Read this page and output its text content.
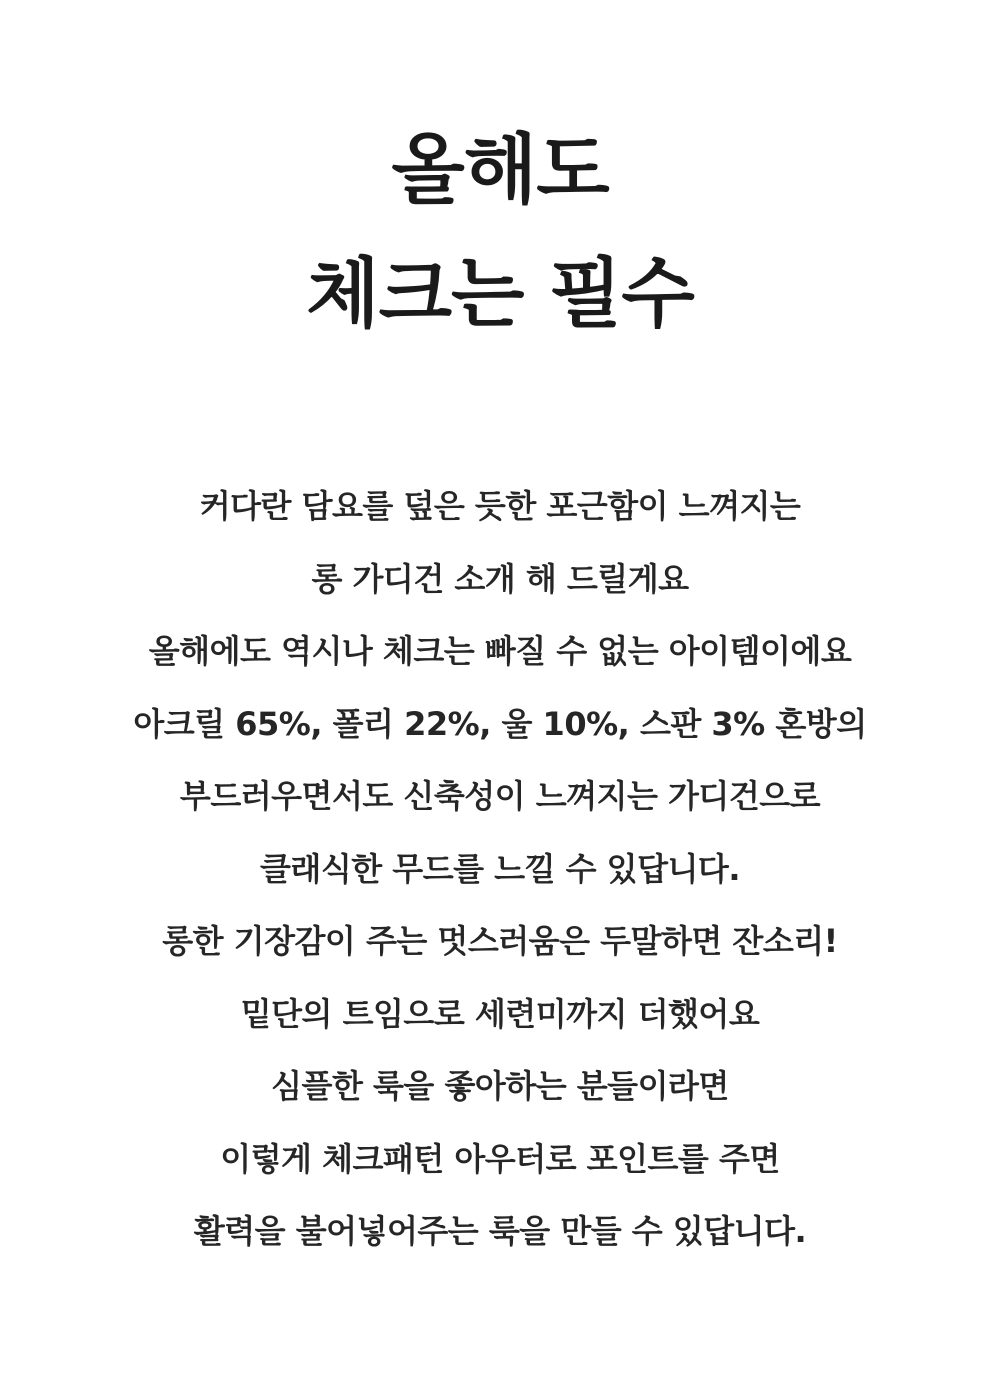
올해도
체크는 필수
커다란 담요를 덮은 듯한 포근함이 느껴지는
롱 가디건 소개 해 드릴게요
올해에도 역시나 체크는 빠질 수 없는 아이템이에요
아크릴 65%, 폴리 22%, 울 10%, 스판 3% 혼방의
부드러우면서도 신축성이 느껴지는 가디건으로
클래식한 무드를 느낄 수 있답니다.
롱한 기장감이 주는 멋스러움은 두말하면 잔소리!
밑단의 트임으로 세련미까지 더했어요
심플한 룩을 좋아하는 분들이라면
이렇게 체크패턴 아우터로 포인트를 주면
활력을 불어넣어주는 룩을 만들 수 있답니다.
